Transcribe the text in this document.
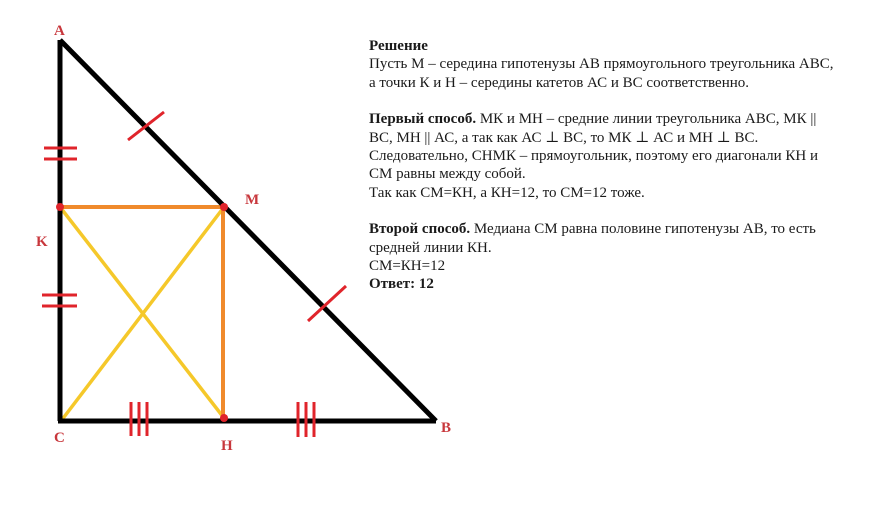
A
M
K
C	H
B

Решение

Пусть М – середина гипотенузы АВ прямоугольного треугольника АВС,

а точки К и Н – середины катетов АС и ВС соответственно.

Первый способ. МК и МН – средние линии треугольника АВС, МК ||

ВС, МН || АС, а так как АС ⊥ ВС, то МК ⊥ АС и МН ⊥ ВС.

Следовательно, СНМК – прямоугольник, поэтому его диагонали КН и

СМ равны между собой.

Так как СМ=КН, а КН=12, то СМ=12 тоже.

Второй способ. Медиана СМ равна половине гипотенузы АВ, то есть

средней линии КН.

СМ=КН=12

Ответ: 12
